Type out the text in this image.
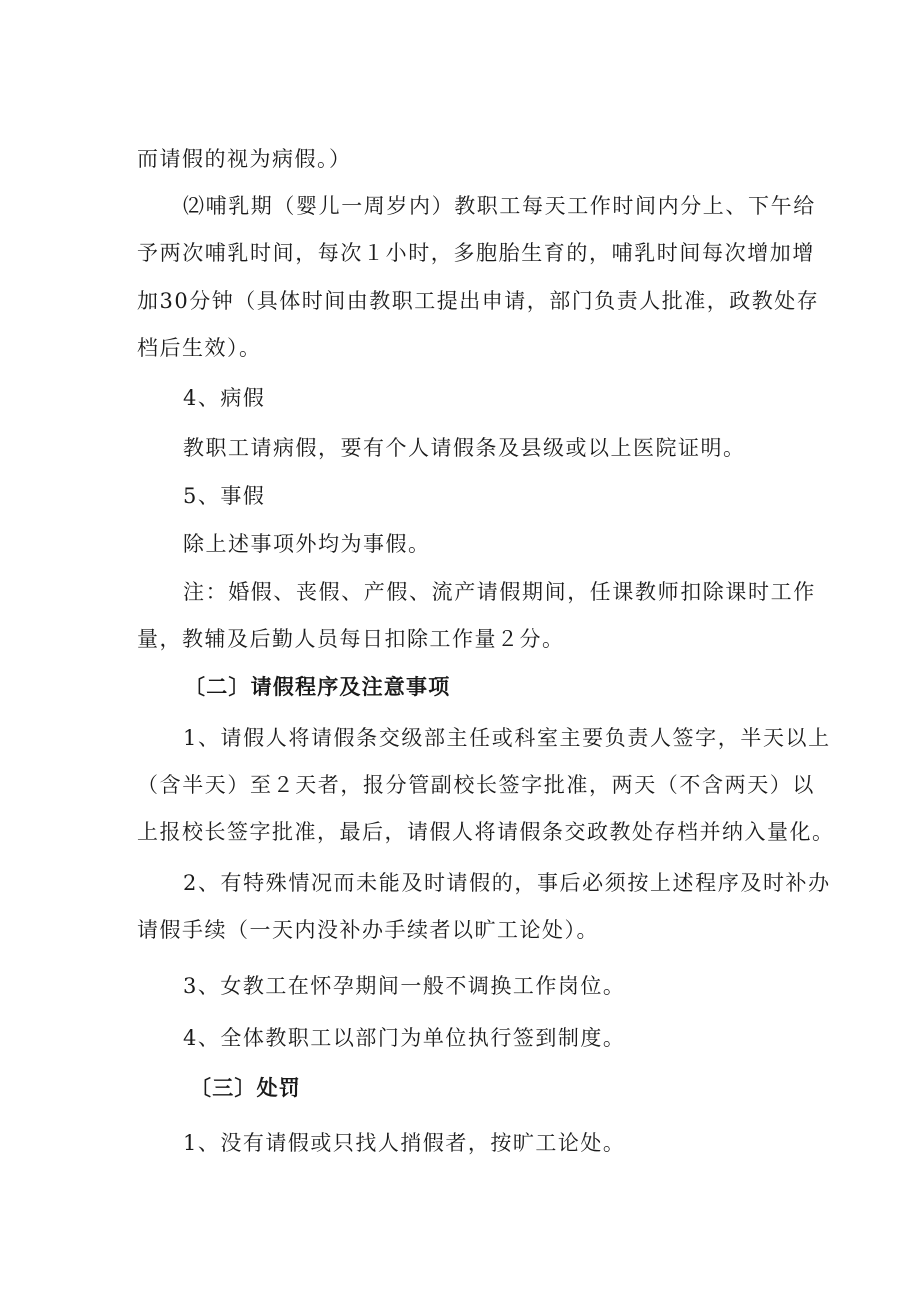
而请假的视为病假。）

⑵哺乳期（婴儿一周岁内）教职工每天工作时间内分上、下午给

予两次哺乳时间，每次１小时，多胞胎生育的，哺乳时间每次增加增

加30分钟（具体时间由教职工提出申请，部门负责人批准，政教处存

档后生效）。

4、病假

教职工请病假，要有个人请假条及县级或以上医院证明。

5、事假

除上述事项外均为事假。

注：婚假、丧假、产假、流产请假期间，任课教师扣除课时工作

量，教辅及后勤人员每日扣除工作量２分。

〔二〕请假程序及注意事项

1、请假人将请假条交级部主任或科室主要负责人签字，半天以上

（含半天）至２天者，报分管副校长签字批准，两天（不含两天）以

上报校长签字批准，最后，请假人将请假条交政教处存档并纳入量化。

2、有特殊情况而未能及时请假的，事后必须按上述程序及时补办

请假手续（一天内没补办手续者以旷工论处）。

3、女教工在怀孕期间一般不调换工作岗位。

4、全体教职工以部门为单位执行签到制度。

〔三〕处罚

1、没有请假或只找人捎假者，按旷工论处。
